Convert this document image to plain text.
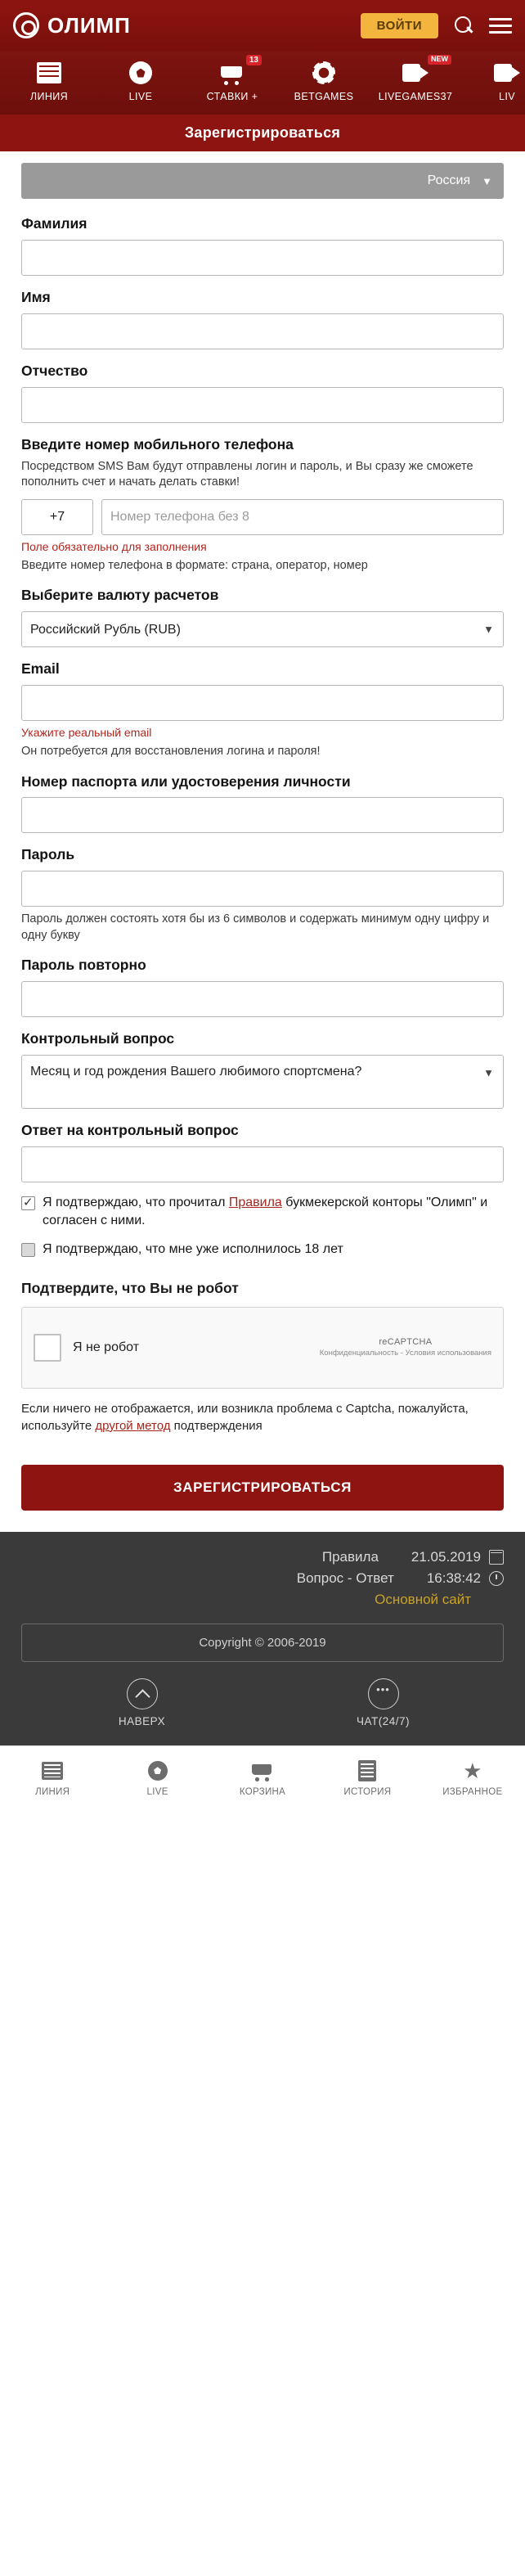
ОЛИМП	ВОЙТИ
ЛИНИЯ	LIVE
13
СТАВКИ +	BETGAMES
NEW
LIVEGAMES37	LIV
Зарегистрироваться
Россия ▼
Фамилия
Имя
Отчество
Введите номер мобильного телефона

Посредством SMS Вам будут отправлены логин и пароль, и Вы сразу же сможете пополнить счет и начать делать ставки!

+7
Номер телефона без 8

Поле обязательно для заполнения

Введите номер телефона в формате: страна, оператор, номер

Выберите валюту расчетов
Российский Рубль (RUB)	▼
Email

Укажите реальный email

Он потребуется для восстановления логина и пароля!

Номер паспорта или удостоверения личности
Пароль

Пароль должен состоять хотя бы из 6 символов и содержать минимум одну цифру и одну букву

Пароль повторно
Контрольный вопрос
Месяц и год рождения Вашего любимого спортсмена?	▼
Ответ на контрольный вопрос
✓
Я подтверждаю, что прочитал Правила букмекерской конторы "Олимп" и согласен с ними.
Я подтверждаю, что мне уже исполнилось 18 лет
Подтвердите, что Вы не робот
Я не робот	reCAPTCHA
Конфиденциальность - Условия использования

Если ничего не отображается, или возникла проблема с Captcha, пожалуйста, используйте другой метод подтверждения

ЗАРЕГИСТРИРОВАТЬСЯ
Правила	21.05.2019
Вопрос - Ответ	16:38:42
Основной сайт
Copyright © 2006-2019
НАВЕРХ
•••	ЧАТ(24/7)
ЛИНИЯ	LIVE	КОРЗИНА	ИСТОРИЯ
★
ИЗБРАННОЕ
